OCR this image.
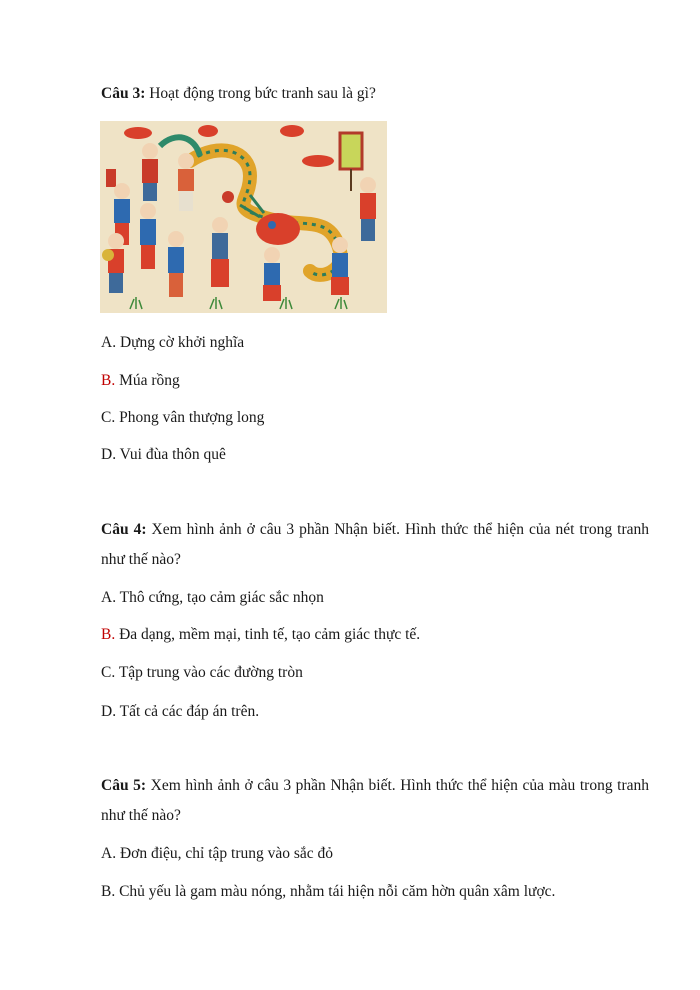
Câu 3: Hoạt động trong bức tranh sau là gì?
A. Dựng cờ khởi nghĩa
B. Múa rồng
C. Phong vân thượng long
D. Vui đùa thôn quê
Câu 4: Xem hình ảnh ở câu 3 phần Nhận biết. Hình thức thể hiện của nét trong tranh như thế nào?
A. Thô cứng, tạo cảm giác sắc nhọn
B. Đa dạng, mềm mại, tinh tế, tạo cảm giác thực tế.
C. Tập trung vào các đường tròn
D. Tất cả các đáp án trên.
Câu 5: Xem hình ảnh ở câu 3 phần Nhận biết. Hình thức thể hiện của màu trong tranh như thế nào?
A. Đơn điệu, chỉ tập trung vào sắc đỏ
B. Chủ yếu là gam màu nóng, nhằm tái hiện nỗi căm hờn quân xâm lược.
